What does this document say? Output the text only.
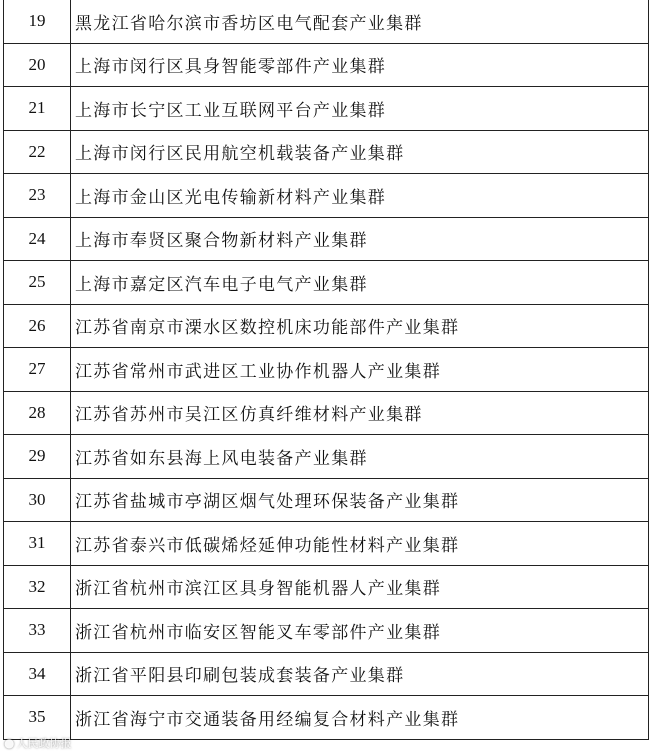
19	黑龙江省哈尔滨市香坊区电气配套产业集群
20	上海市闵行区具身智能零部件产业集群
21	上海市长宁区工业互联网平台产业集群
22	上海市闵行区民用航空机载装备产业集群
23	上海市金山区光电传输新材料产业集群
24	上海市奉贤区聚合物新材料产业集群
25	上海市嘉定区汽车电子电气产业集群
26	江苏省南京市溧水区数控机床功能部件产业集群
27	江苏省常州市武进区工业协作机器人产业集群
28	江苏省苏州市吴江区仿真纤维材料产业集群
29	江苏省如东县海上风电装备产业集群
30	江苏省盐城市亭湖区烟气处理环保装备产业集群
31	江苏省泰兴市低碳烯烃延伸功能性材料产业集群
32	浙江省杭州市滨江区具身智能机器人产业集群
33	浙江省杭州市临安区智能叉车零部件产业集群
34	浙江省平阳县印刷包装成套装备产业集群
35	浙江省海宁市交通装备用经编复合材料产业集群
● 人民政协报
